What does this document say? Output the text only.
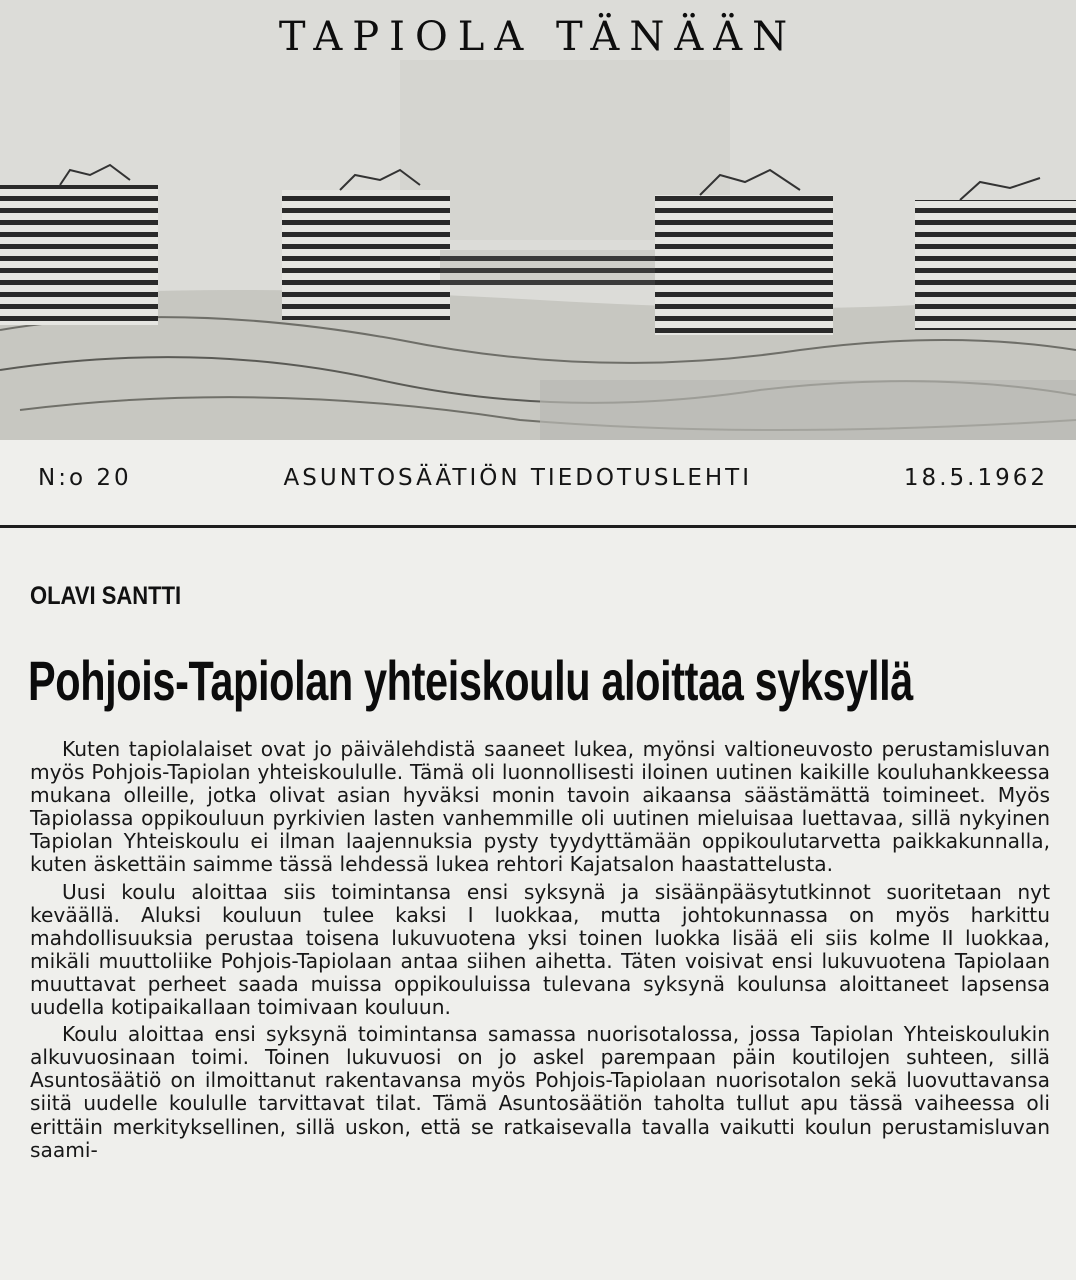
TAPIOLA TÄNÄÄN
N:o 20	ASUNTOSÄÄTIÖN TIEDOTUSLEHTI	18.5.1962
OLAVI SANTTI
Pohjois-Tapiolan yhteiskoulu aloittaa syksyllä

Kuten tapiolalaiset ovat jo päivälehdistä saaneet lukea, myönsi valtioneuvosto perustamisluvan myös Pohjois-Tapiolan yhteiskoululle. Tämä oli luonnollisesti iloinen uutinen kaikille kouluhankkeessa mukana olleille, jotka olivat asian hyväksi monin tavoin aikaansa säästämättä toimineet. Myös Tapiolassa oppikouluun pyrkivien lasten vanhemmille oli uutinen mieluisaa luettavaa, sillä nykyinen Tapiolan Yhteiskoulu ei ilman laajennuksia pysty tyydyttämään oppikoulutarvetta paikkakunnalla, kuten äskettäin saimme tässä lehdessä lukea rehtori Kajatsalon haastattelusta.

Uusi koulu aloittaa siis toimintansa ensi syksynä ja sisäänpääsytutkinnot suoritetaan nyt keväällä. Aluksi kouluun tulee kaksi I luokkaa, mutta johtokunnassa on myös harkittu mahdollisuuksia perustaa toisena lukuvuotena yksi toinen luokka lisää eli siis kolme II luokkaa, mikäli muuttoliike Pohjois-Tapiolaan antaa siihen aihetta. Täten voisivat ensi lukuvuotena Tapiolaan muuttavat perheet saada muissa oppikouluissa tulevana syksynä koulunsa aloittaneet lapsensa uudella kotipaikallaan toimivaan kouluun.

Koulu aloittaa ensi syksynä toimintansa samassa nuorisotalossa, jossa Tapiolan Yhteiskoulukin alkuvuosinaan toimi. Toinen lukuvuosi on jo askel parempaan päin koutilojen suhteen, sillä Asuntosäätiö on ilmoittanut rakentavansa myös Pohjois-Tapiolaan nuorisotalon sekä luovuttavansa siitä uudelle koululle tarvittavat tilat. Tämä Asuntosäätiön taholta tullut apu tässä vaiheessa oli erittäin merkityksellinen, sillä uskon, että se ratkaisevalla tavalla vaikutti koulun perustamisluvan saami-
